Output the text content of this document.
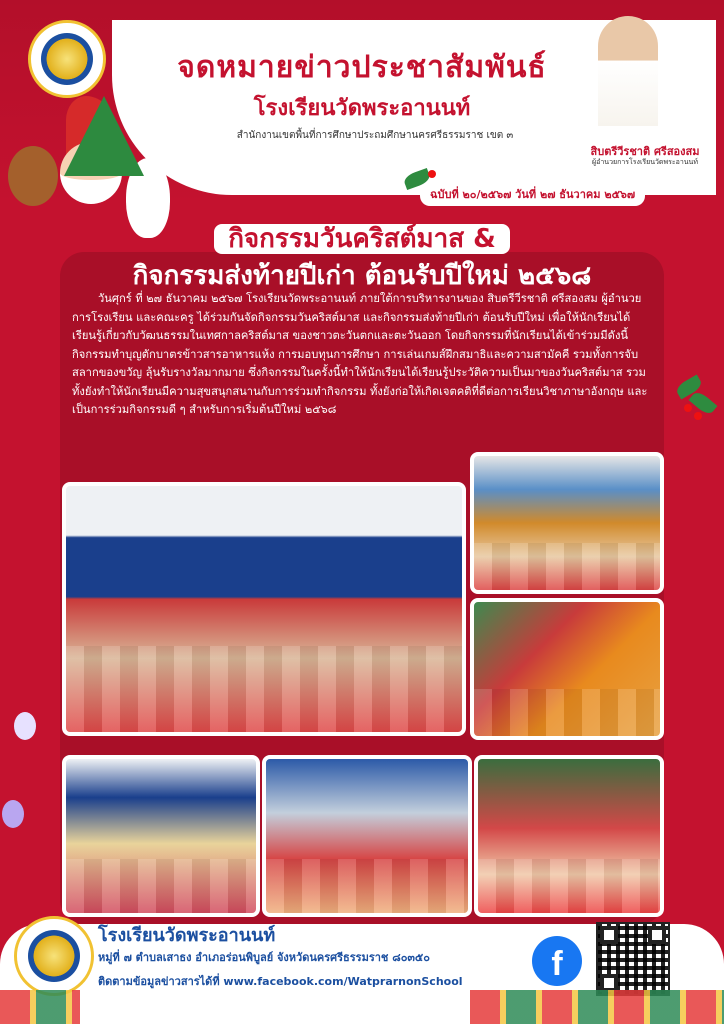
จดหมายข่าวประชาสัมพันธ์
โรงเรียนวัดพระอานนท์
สำนักงานเขตพื้นที่การศึกษาประถมศึกษานครศรีธรรมราช เขต ๓
สิบตรีวีรชาติ ศรีสองสม
ผู้อำนวยการโรงเรียนวัดพระอานนท์
ฉบับที่ ๒๐/๒๕๖๗ วันที่ ๒๗ ธันวาคม ๒๕๖๗
กิจกรรมวันคริสต์มาส &
กิจกรรมส่งท้ายปีเก่า ต้อนรับปีใหม่ ๒๕๖๘
วันศุกร์ ที่ ๒๗ ธันวาคม ๒๕๖๗ โรงเรียนวัดพระอานนท์ ภายใต้การบริหารงานของ สิบตรีวีรชาติ ศรีสองสม ผู้อำนวยการโรงเรียน และคณะครู ได้ร่วมกันจัดกิจกรรมวันคริสต์มาส และกิจกรรมส่งท้ายปีเก่า ต้อนรับปีใหม่ เพื่อให้นักเรียนได้เรียนรู้เกี่ยวกับวัฒนธรรมในเทศกาลคริสต์มาส ของชาวตะวันตกและตะวันออก โดยกิจกรรมที่นักเรียนได้เข้าร่วมมีดังนี้ กิจกรรมทำบุญตักบาตรข้าวสารอาหารแห้ง การมอบทุนการศึกษา การเล่นเกมส์ฝึกสมาธิและความสามัคคี รวมทั้งการจับสลากของขวัญ ลุ้นรับรางวัลมากมาย ซึ่งกิจกรรมในครั้งนี้ทำให้นักเรียนได้เรียนรู้ประวัติความเป็นมาของวันคริสต์มาส รวมทั้งยังทำให้นักเรียนมีความสุขสนุกสนานกับการร่วมทำกิจกรรม ทั้งยังก่อให้เกิดเจตคติที่ดีต่อการเรียนวิชาภาษาอังกฤษ และเป็นการร่วมกิจกรรมดี ๆ สำหรับการเริ่มต้นปีใหม่ ๒๕๖๘
โรงเรียนวัดพระอานนท์
หมู่ที่ ๗ ตำบลเสาธง อำเภอร่อนพิบูลย์ จังหวัดนครศรีธรรมราช ๘๐๓๕๐
ติดตามข้อมูลข่าวสารได้ที่ www.facebook.com/WatprarnonSchool	f
